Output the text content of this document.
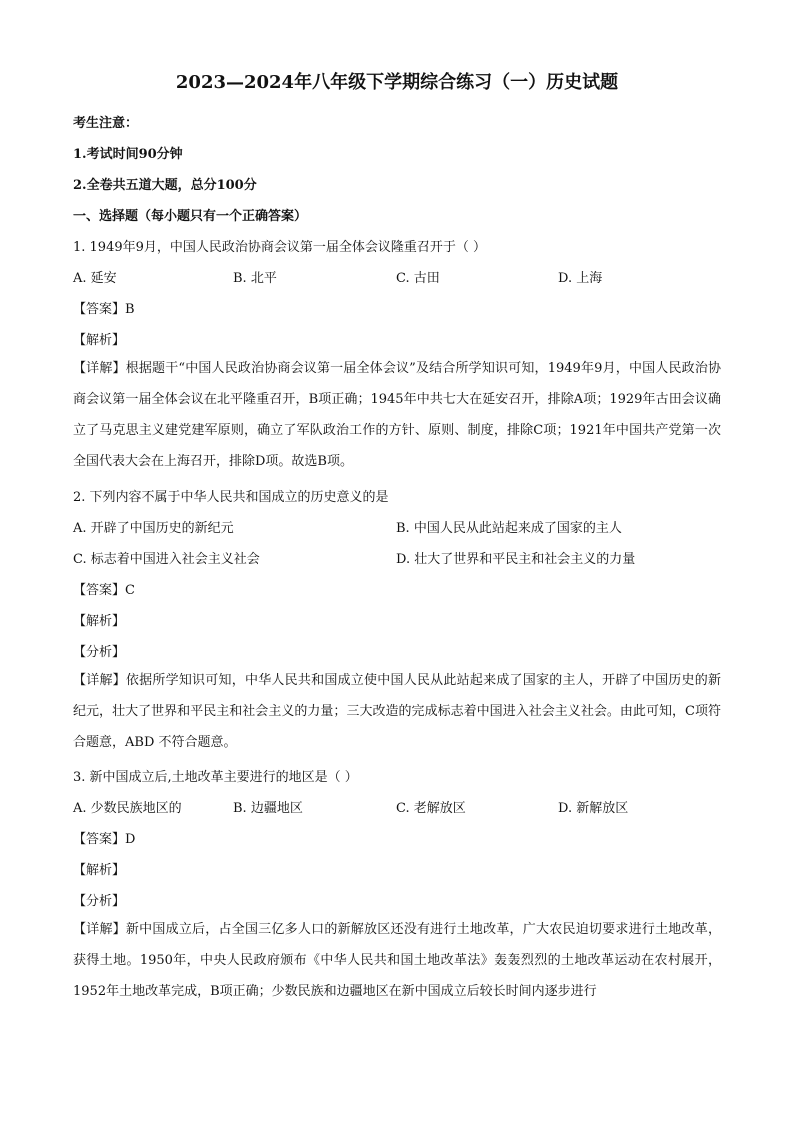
2023—2024年八年级下学期综合练习（一）历史试题
考生注意：
1.考试时间90分钟
2.全卷共五道大题，总分100分
一、选择题（每小题只有一个正确答案）
1. 1949年9月，中国人民政治协商会议第一届全体会议隆重召开于（ ）
A. 延安	B. 北平	C. 古田	D. 上海
【答案】B
【解析】
【详解】根据题干“中国人民政治协商会议第一届全体会议”及结合所学知识可知，1949年9月，中国人民政治协商会议第一届全体会议在北平隆重召开，B项正确；1945年中共七大在延安召开，排除A项；1929年古田会议确立了马克思主义建党建军原则，确立了军队政治工作的方针、原则、制度，排除C项；1921年中国共产党第一次全国代表大会在上海召开，排除D项。故选B项。
2. 下列内容不属于中华人民共和国成立的历史意义的是
A. 开辟了中国历史的新纪元	B. 中国人民从此站起来成了国家的主人
C. 标志着中国进入社会主义社会	D. 壮大了世界和平民主和社会主义的力量
【答案】C
【解析】
【分析】
【详解】依据所学知识可知，中华人民共和国成立使中国人民从此站起来成了国家的主人，开辟了中国历史的新纪元，壮大了世界和平民主和社会主义的力量；三大改造的完成标志着中国进入社会主义社会。由此可知，C项符合题意，ABD 不符合题意。
3. 新中国成立后,土地改革主要进行的地区是（ ）
A. 少数民族地区的	B. 边疆地区	C. 老解放区	D. 新解放区
【答案】D
【解析】
【分析】
【详解】新中国成立后，占全国三亿多人口的新解放区还没有进行土地改革，广大农民迫切要求进行土地改革，获得土地。1950年，中央人民政府颁布《中华人民共和国土地改革法》轰轰烈烈的土地改革运动在农村展开，1952年土地改革完成，B项正确；少数民族和边疆地区在新中国成立后较长时间内逐步进行
